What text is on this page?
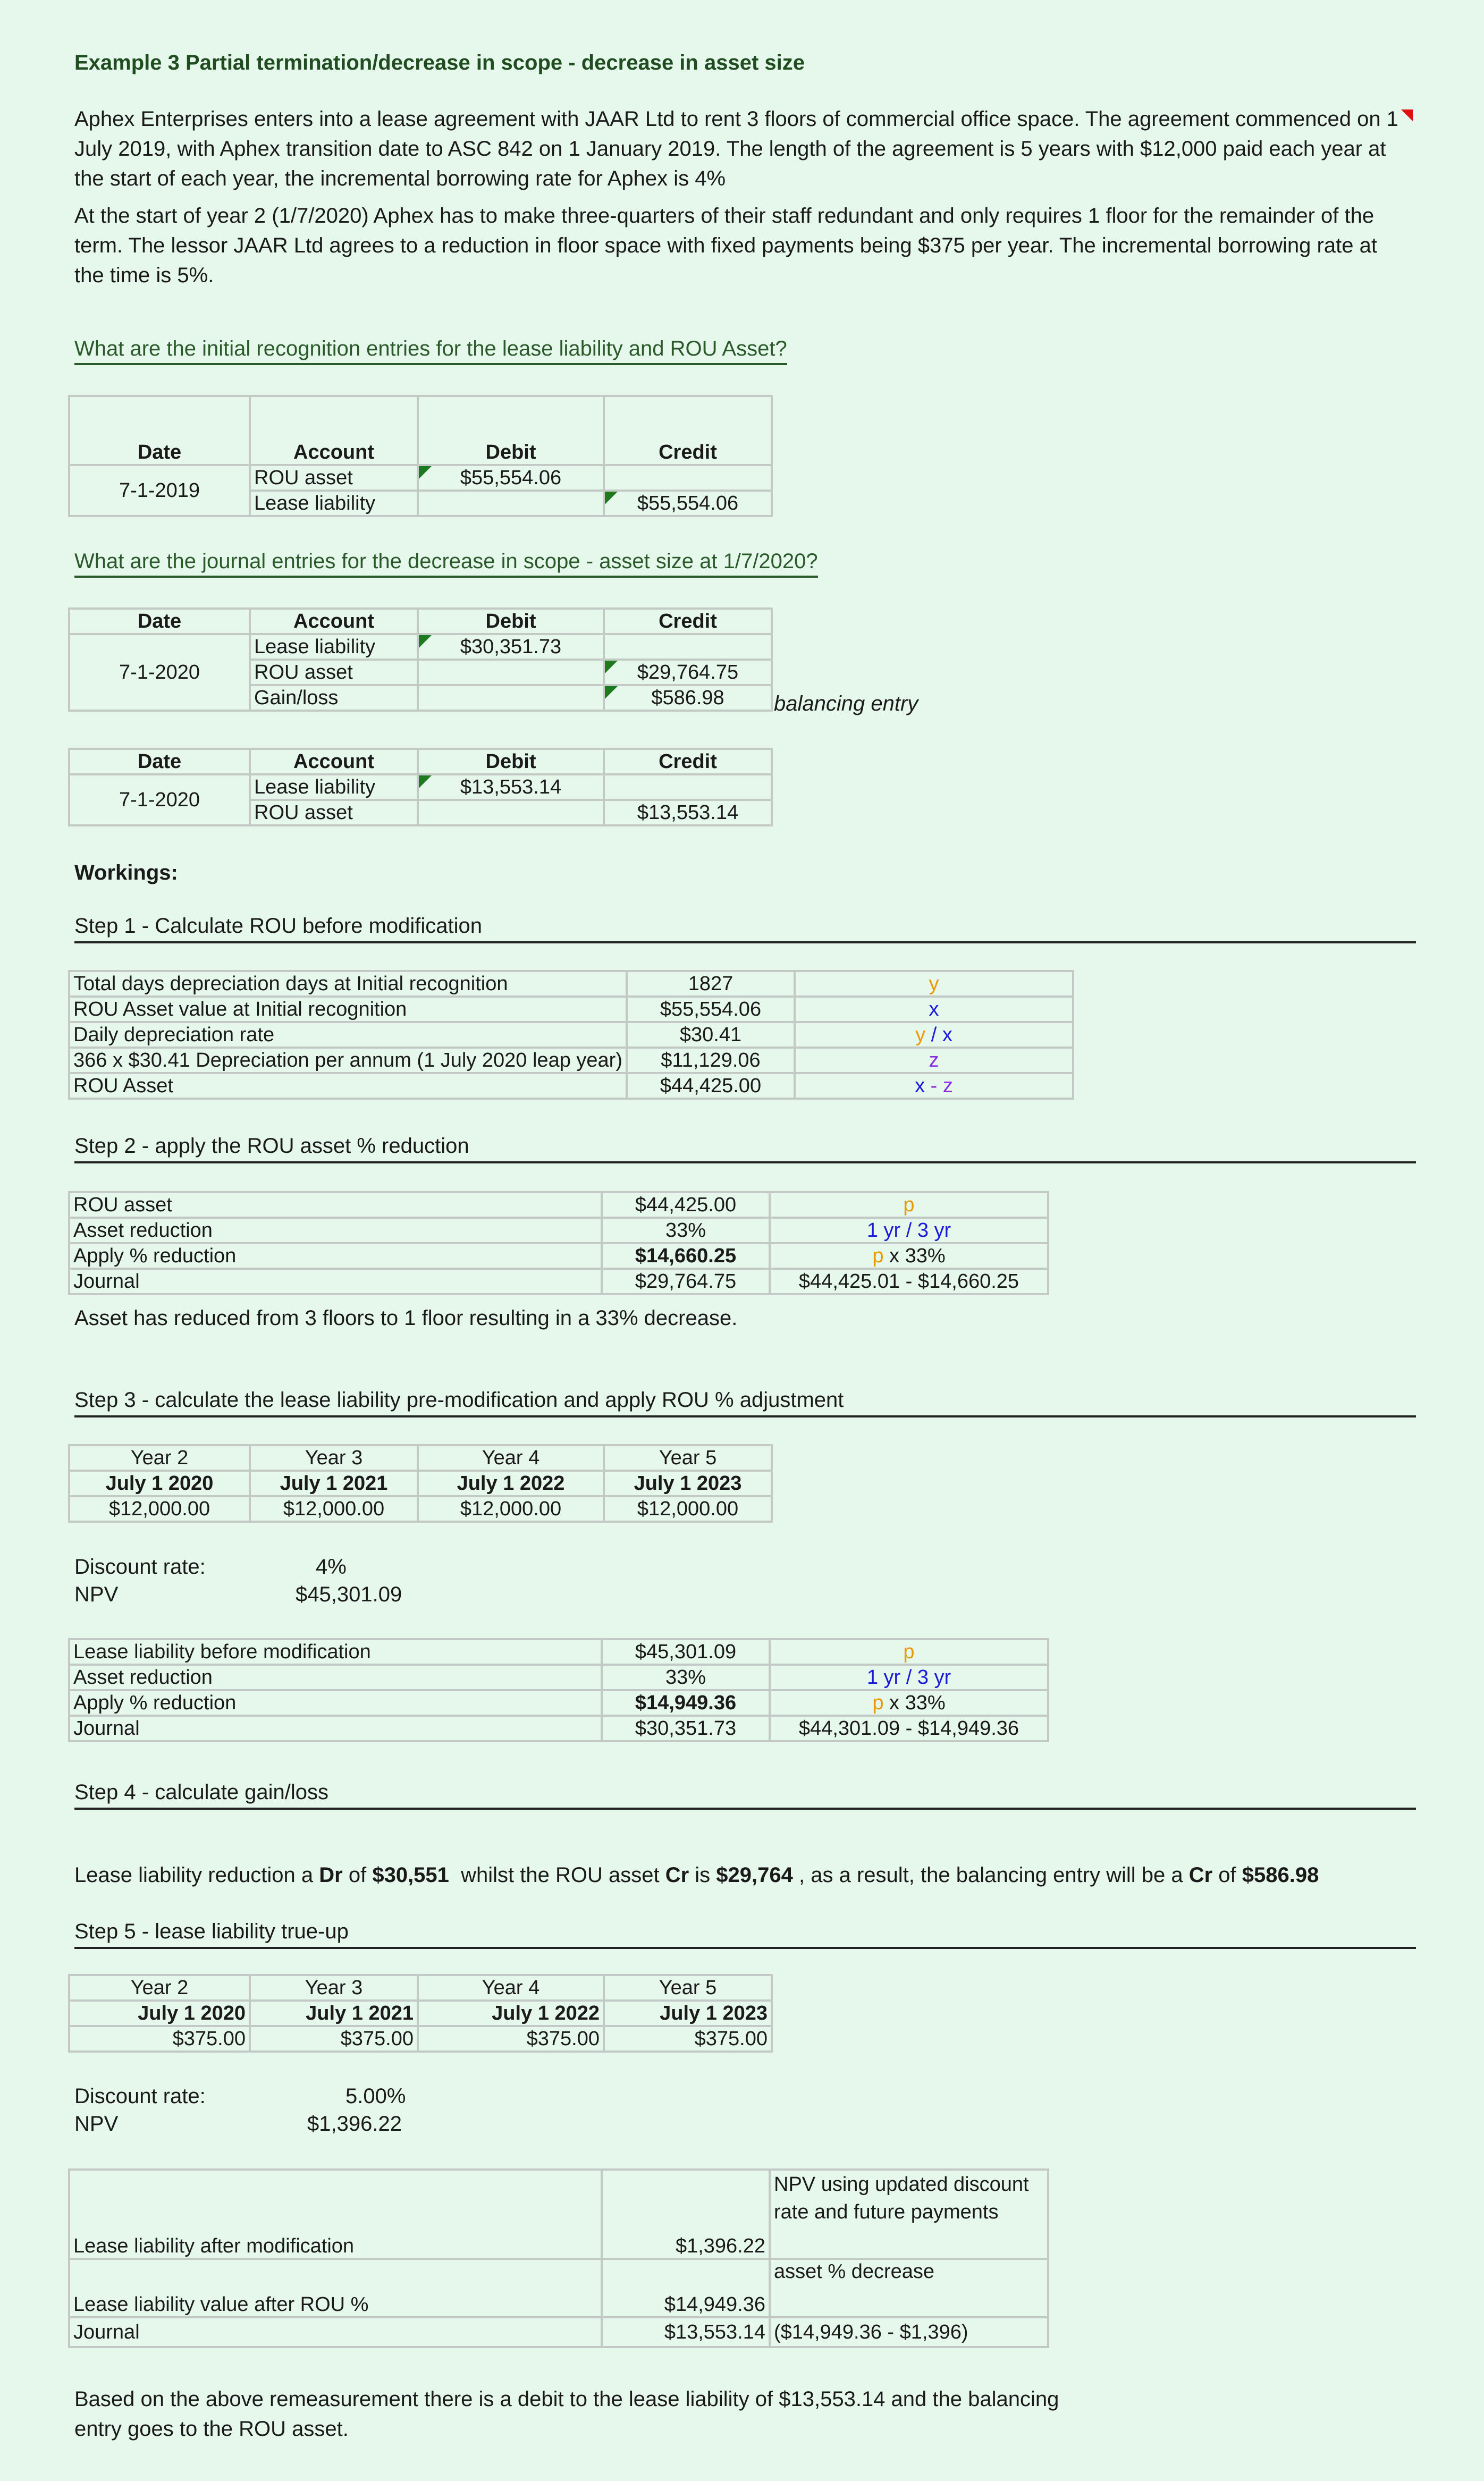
Example 3 Partial termination/decrease in scope - decrease in asset size
Aphex Enterprises enters into a lease agreement with JAAR Ltd to rent 3 floors of commercial office space. The agreement commenced on 1 July 2019, with Aphex transition date to ASC 842 on 1 January 2019. The length of the agreement is 5 years with $12,000 paid each year at the start of each year, the incremental borrowing rate for Aphex is 4%
At the start of year 2 (1/7/2020) Aphex has to make three-quarters of their staff redundant and only requires 1 floor for the remainder of the term. The lessor JAAR Ltd agrees to a reduction in floor space with fixed payments being $375 per year. The incremental borrowing rate at the time is 5%.
What are the initial recognition entries for the lease liability and ROU Asset?
Date	Account	Debit	Credit
7-1-2019	ROU asset	$55,554.06	
	Lease liability		$55,554.06
What are the journal entries for the decrease in scope - asset size at 1/7/2020?
Date	Account	Debit	Credit
7-1-2020	Lease liability	$30,351.73	
	ROU asset		$29,764.75
	Gain/loss		$586.98 balancing entry
Date	Account	Debit	Credit
7-1-2020	Lease liability	$13,553.14	
	ROU asset		$13,553.14
Workings:
Step 1 - Calculate ROU before modification
Total days depreciation days at Initial recognition	1827	y
ROU Asset value at Initial recognition	$55,554.06	x
Daily depreciation rate	$30.41	y / x
366 x $30.41 Depreciation per annum (1 July 2020 leap year)	$11,129.06	z
ROU Asset	$44,425.00	x - z
Step 2 - apply the ROU asset % reduction
ROU asset	$44,425.00	p
Asset reduction	33%	1 yr / 3 yr
Apply % reduction	$14,660.25	p x 33%
Journal	$29,764.75	$44,425.01 - $14,660.25
Asset has reduced from 3 floors to 1 floor resulting in a 33% decrease.
Step 3 - calculate the lease liability pre-modification and apply ROU % adjustment
Year 2	Year 3	Year 4	Year 5
July 1 2020	July 1 2021	July 1 2022	July 1 2023
$12,000.00	$12,000.00	$12,000.00	$12,000.00
Discount rate:	4%
NPV	$45,301.09
Lease liability before modification	$45,301.09	p
Asset reduction	33%	1 yr / 3 yr
Apply % reduction	$14,949.36	p x 33%
Journal	$30,351.73	$44,301.09 - $14,949.36
Step 4 - calculate gain/loss
Lease liability reduction a Dr of $30,551  whilst the ROU asset Cr is $29,764 , as a result, the balancing entry will be a Cr of $586.98
Step 5 - lease liability true-up
Year 2	Year 3	Year 4	Year 5
July 1 2020	July 1 2021	July 1 2022	July 1 2023
$375.00	$375.00	$375.00	$375.00
Discount rate:	5.00%
NPV	$1,396.22
Lease liability after modification	$1,396.22	NPV using updated discount rate and future payments
Lease liability value after ROU %	$14,949.36	asset % decrease
Journal	$13,553.14	($14,949.36 - $1,396)
Based on the above remeasurement there is a debit to the lease liability of $13,553.14 and the balancing entry goes to the ROU asset.
